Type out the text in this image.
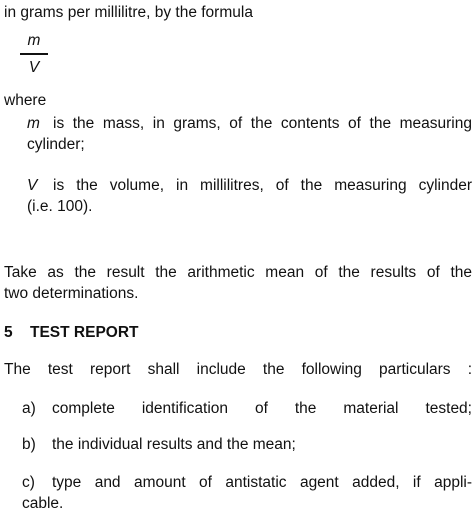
in grams per millilitre, by the formula
m
V
where
m is the mass, in grams, of the contents of the measuring
cylinder;
V is the volume, in millilitres, of the measuring cylinder
(i.e. 100).
Take as the result the arithmetic mean of the results of the
two determinations.
5 TEST REPORT
The test report shall include the following particulars :
a) complete identification of the material tested;
b) the individual results and the mean;
c) type and amount of antistatic agent added, if appli-
cable.
